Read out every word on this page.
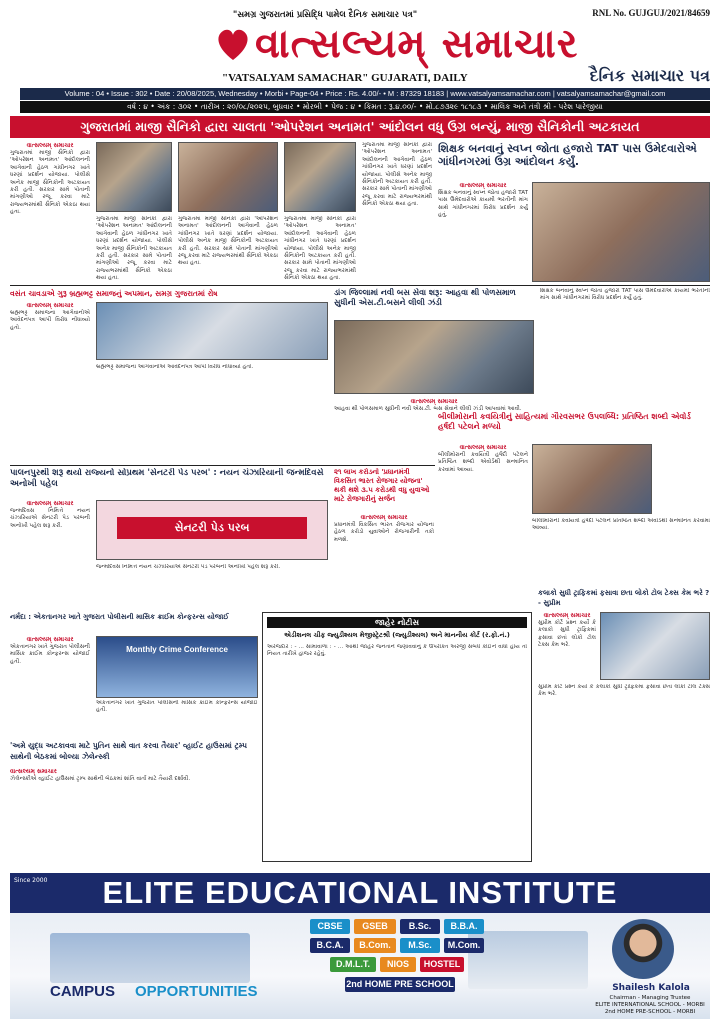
"સમગ્ર ગુજરાતમાં પ્રસિદ્ધિ પામેલ દૈનિક સમાચાર પત્ર"	RNL No. GUJGUJ/2021/84659
વાત્સલ્યમ્ સમાચાર
"VATSALYAM SAMACHAR" GUJARATI, DAILY	દૈનિક સમાચાર પત્ર
Volume : 04 • Issue : 302 • Date : 20/08/2025, Wednesday • Morbi • Page-04 • Price : Rs. 4.00/- • M : 87329 18183 | www.vatsalyamsamachar.com | vatsalyamsamachar@gmail.com
વર્ષ : ૪ • અંક : ૩૦૨ • તારીખ : ૨૦/૦૮/૨૦૨૫, બુધવાર • મોરબી • પેજ : ૪ • કિંમત : રૂ.૪.૦૦/- • મો.૮૭૩૨૯ ૧૮૧૮૩ • માલિક અને તંત્રી શ્રી - પરેશ પારેજીયા
ગુજરાતમાં માજી સૈનિકો દ્વારા ચાલતા 'ઓપરેશન અનામત' આંદોલન વધુ ઉગ્ર બન્યું, માજી સૈનિકોની અટકાયત
વાત્સલ્યમ્ સમાચાર

ગુજરાતમાં માજી સૈનિકો દ્વારા 'ઓપરેશન અનામત' આંદોલનની આગેવાની હેઠળ ગાંધીનગર ખાતે ધરણાં પ્રદર્શન યોજાયા. પોલીસે અનેક માજી સૈનિકોની અટકાયત કરી હતી. સરકાર સામે પોતાની માંગણીઓ રજૂ કરવા માટે રાજ્યભરમાંથી સૈનિકો એકઠા થયા હતા.

ગુજરાતમાં માજી સૈનિકો દ્વારા 'ઓપરેશન અનામત' આંદોલનની આગેવાની હેઠળ ગાંધીનગર ખાતે ધરણાં પ્રદર્શન યોજાયા. પોલીસે અનેક માજી સૈનિકોની અટકાયત કરી હતી. સરકાર સામે પોતાની માંગણીઓ રજૂ કરવા માટે રાજ્યભરમાંથી સૈનિકો એકઠા થયા હતા.

ગુજરાતમાં માજી સૈનિકો દ્વારા 'ઓપરેશન અનામત' આંદોલનની આગેવાની હેઠળ ગાંધીનગર ખાતે ધરણાં પ્રદર્શન યોજાયા. પોલીસે અનેક માજી સૈનિકોની અટકાયત કરી હતી. સરકાર સામે પોતાની માંગણીઓ રજૂ કરવા માટે રાજ્યભરમાંથી સૈનિકો એકઠા થયા હતા.

ગુજરાતમાં માજી સૈનિકો દ્વારા 'ઓપરેશન અનામત' આંદોલનની આગેવાની હેઠળ ગાંધીનગર ખાતે ધરણાં પ્રદર્શન યોજાયા. પોલીસે અનેક માજી સૈનિકોની અટકાયત કરી હતી. સરકાર સામે પોતાની માંગણીઓ રજૂ કરવા માટે રાજ્યભરમાંથી સૈનિકો એકઠા થયા હતા.

ગુજરાતમાં માજી સૈનિકો દ્વારા 'ઓપરેશન અનામત' આંદોલનની આગેવાની હેઠળ ગાંધીનગર ખાતે ધરણાં પ્રદર્શન યોજાયા. પોલીસે અનેક માજી સૈનિકોની અટકાયત કરી હતી. સરકાર સામે પોતાની માંગણીઓ રજૂ કરવા માટે રાજ્યભરમાંથી સૈનિકો એકઠા થયા હતા.

શિક્ષક બનવાનું સ્વપ્ન જોતા હજારો TAT પાસ ઉમેદવારોએ ગાંધીનગરમાં ઉગ્ર આંદોલન કર્યું.
વાત્સલ્યમ્ સમાચાર

શિક્ષક બનવાનું સ્વપ્ન જોતા હજારો TAT પાસ ઉમેદવારોએ કાયમી ભરતીની માંગ સાથે ગાંધીનગરમાં વિરોધ પ્રદર્શન કર્યું હતું.

વસંત ચાવડાએ ગુરૂ બ્રહ્મભટ્ટ સમાજનું અપમાન, સમગ્ર ગુજરાતમાં રોષ
વાત્સલ્યમ્ સમાચાર

બ્રહ્મભટ્ટ સમાજના આગેવાનોએ આવેદનપત્ર આપી વિરોધ નોંધાવ્યો હતો.

બ્રહ્મભટ્ટ સમાજના આગેવાનોએ આવેદનપત્ર આપી વિરોધ નોંધાવ્યો હતો.

ડાંગ જિલ્લામાં નવી બસ સેવા શરૂ: આહવા થી પોળસમાળ સુધીની એસ.ટી.બસને લીલી ઝંડી
વાત્સલ્યમ્ સમાચાર

આહવા થી પોળસમાળ સુધીની નવી એસ.ટી. બસ સેવાને લીલી ઝંડી આપવામાં આવી.

શિક્ષક બનવાનું સ્વપ્ન જોતા હજારો TAT પાસ ઉમેદવારોએ કાયમી ભરતીની માંગ સાથે ગાંધીનગરમાં વિરોધ પ્રદર્શન કર્યું હતું.

બીલીમોરાની કવયિત્રીનું સાહિત્યમાં ગૌરવસભર ઉપલબ્ધિ: પ્રતિષ્ઠિત શબ્દો એવોર્ડ હર્ષદી પટેલને મળ્યો
વાત્સલ્યમ્ સમાચાર

બીલીમોરાની કવયિત્રી હર્ષદી પટેલને પ્રતિષ્ઠિત શબ્દો એવોર્ડથી સન્માનિત કરવામાં આવ્યા.

બીલીમોરાની કવયિત્રી હર્ષદી પટેલને પ્રતિષ્ઠિત શબ્દો એવોર્ડથી સન્માનિત કરવામાં આવ્યા.

પાલનપુરથી શરૂ થયો રાજ્યનો સોપ્રથમ 'સેનટરી પેડ પરબ' : નયન ચંઝારિયાની જન્મદિવસે અનોખી પહેલ
સેનટરી પેડ પરબ
વાત્સલ્યમ્ સમાચાર

જન્મદિવસ નિમિત્તે નયન ચંઝારિયાએ સેનટરી પેડ પરબની અનોખી પહેલ શરૂ કરી.

જન્મદિવસ નિમિત્તે નયન ચંઝારિયાએ સેનટરી પેડ પરબની અનોખી પહેલ શરૂ કરી.

૨૧ લાખ કરોડનો 'પ્રધાનમંત્રી વિકસિત ભારત રોજગાર યોજના' થકી થશે ૩.૫ કરોડથી વધુ યુવાઓ માટે રોજગારીનું સર્જન
વાત્સલ્યમ્ સમાચાર

પ્રધાનમંત્રી વિકસિત ભારત રોજગાર યોજના હેઠળ કરોડો યુવાઓને રોજગારીની તકો મળશે.

જાહેર નોટીસ
એડીશનલ ચીફ જ્યુડીશ્યલ મેજીસ્ટ્રેટશ્રી (જ્યુડીશ્યલ) અને માનનીય કોર્ટ (ર.ફો.નં.)
અરજદાર : - ... સામાવાળા : - ... આથી જાહેર જનતાને જણાવવાનું કે ઉપરોક્ત અરજી સંબંધે કોઈને વાંધો હોય તો નિયત તારીખે હાજર રહેવું.
નર્મદા : એકતાનગર ખાતે ગુજરાત પોલીસની માસિક ક્રાઈમ કોન્ફરન્સ યોજાઈ
વાત્સલ્યમ્ સમાચાર

એકતાનગર ખાતે ગુજરાત પોલીસની માસિક ક્રાઈમ કોન્ફરન્સ યોજાઈ હતી.

Monthly Crime Conference

એકતાનગર ખાતે ગુજરાત પોલીસની માસિક ક્રાઈમ કોન્ફરન્સ યોજાઈ હતી.

'અમે યુદ્ધ અટકાવવા માટે પુતિન સાથે વાત કરવા તૈયાર' વ્હાઈટ હાઉસમાં ટ્રમ્પ સાથેની બેઠકમાં બોલ્યા ઝેલેન્સ્કી
વાત્સલ્યમ્ સમાચાર

ઝેલેન્સ્કીએ વ્હાઈટ હાઉસમાં ટ્રમ્પ સાથેની બેઠકમાં શાંતિ વાર્તા માટે તૈયારી દર્શાવી.

કલાકો સુધી ટ્રાફિકમાં ફસાવા છતા લોકો ટોલ ટેક્સ કેમ ભરે ? - સુપ્રીમ
વાત્સલ્યમ્ સમાચાર

સુપ્રીમ કોર્ટે પ્રશ્ન કર્યો કે કલાકો સુધી ટ્રાફિકમાં ફસાવા છતાં લોકો ટોલ ટેક્સ કેમ ભરે.

સુપ્રીમ કોર્ટે પ્રશ્ન કર્યો કે કલાકો સુધી ટ્રાફિકમાં ફસાવા છતાં લોકો ટોલ ટેક્સ કેમ ભરે.

ELITE EDUCATIONAL INSTITUTE
Since 2000
CBSE	GSEB	B.Sc.	B.B.A.
B.C.A.	B.Com.	M.Sc.	M.Com.
D.M.L.T.	NIOS	HOSTEL
2nd HOME PRE SCHOOL
CAMPUS	OPPORTUNITIES	Shailesh Kalola
Chairman - Managing Trustee
ELITE INTERNATIONAL SCHOOL - MORBI
2nd HOME PRE-SCHOOL - MORBI
